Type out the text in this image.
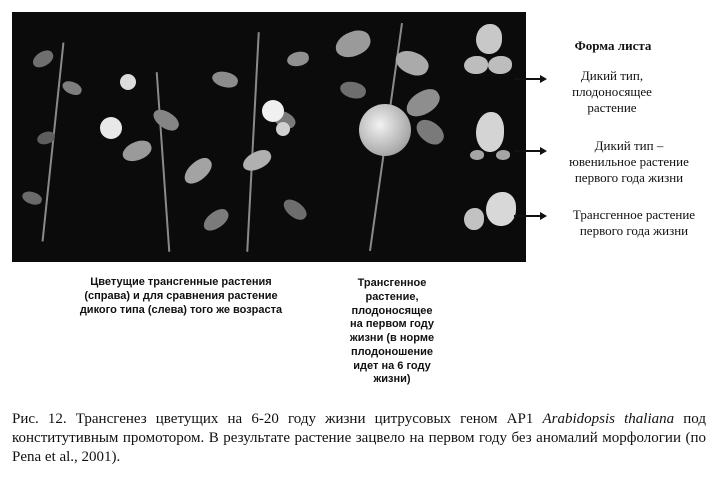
Форма листа
Дикий тип,
плодоносящее
растение
Дикий тип –
ювенильное растение
первого года жизни
Трансгенное растение
первого года жизни
Цветущие трансгенные растения
(справа) и для сравнения растение
дикого типа (слева) того же возраста
Трансгенное
растение,
плодоносящее
на первом году
жизни (в норме
плодоношение
идет на 6 году
жизни)
Рис. 12. Трансгенез цветущих на 6-20 году жизни цитрусовых геном AP1 Arabidopsis thaliana под конститутивным промотором. В результате растение зацвело на первом году без аномалий морфологии (по Pena et al., 2001).
